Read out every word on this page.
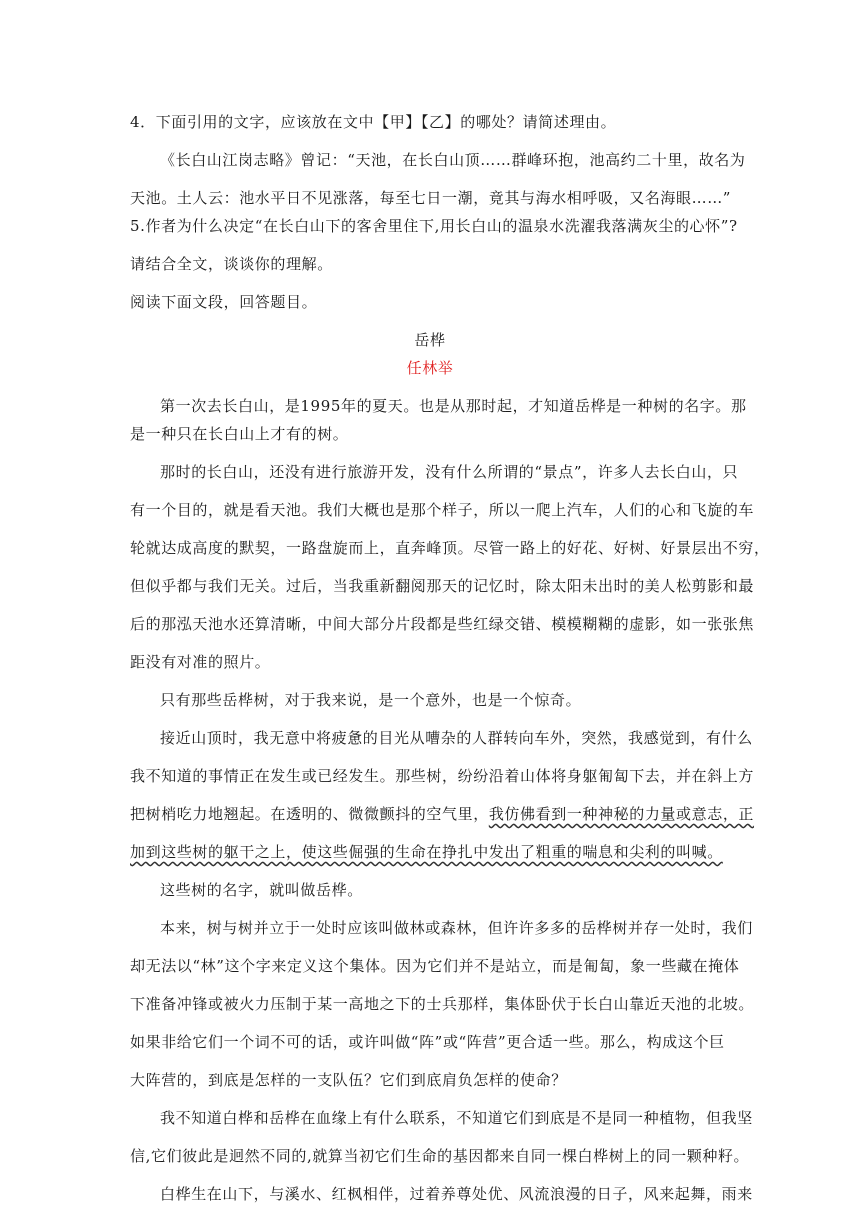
4．下面引用的文字，应该放在文中【甲】【乙】的哪处？请简述理由。

《长白山江岗志略》曾记：“天池，在长白山顶……群峰环抱，池高约二十里，故名为

天池。土人云：池水平日不见涨落，每至七日一潮，竟其与海水相呼吸，又名海眼……”

5.作者为什么决定“在长白山下的客舍里住下,用长白山的温泉水洗濯我落满灰尘的心怀”?

请结合全文，谈谈你的理解。

阅读下面文段，回答题目。

岳桦

任林举

第一次去长白山，是1995年的夏天。也是从那时起，才知道岳桦是一种树的名字。那

是一种只在长白山上才有的树。

那时的长白山，还没有进行旅游开发，没有什么所谓的“景点”，许多人去长白山，只

有一个目的，就是看天池。我们大概也是那个样子，所以一爬上汽车，人们的心和飞旋的车

轮就达成高度的默契，一路盘旋而上，直奔峰顶。尽管一路上的好花、好树、好景层出不穷，

但似乎都与我们无关。过后，当我重新翻阅那天的记忆时，除太阳未出时的美人松剪影和最

后的那泓天池水还算清晰，中间大部分片段都是些红绿交错、模模糊糊的虚影，如一张张焦

距没有对准的照片。

只有那些岳桦树，对于我来说，是一个意外，也是一个惊奇。

接近山顶时，我无意中将疲惫的目光从嘈杂的人群转向车外，突然，我感觉到，有什么

我不知道的事情正在发生或已经发生。那些树，纷纷沿着山体将身躯匍匐下去，并在斜上方

把树梢吃力地翘起。在透明的、微微颤抖的空气里，我仿佛看到一种神秘的力量或意志，正

加到这些树的躯干之上，使这些倔强的生命在挣扎中发出了粗重的喘息和尖利的叫喊。

这些树的名字，就叫做岳桦。

本来，树与树并立于一处时应该叫做林或森林，但许许多多的岳桦树并存一处时，我们

却无法以“林”这个字来定义这个集体。因为它们并不是站立，而是匍匐，象一些藏在掩体

下准备冲锋或被火力压制于某一高地之下的士兵那样，集体卧伏于长白山靠近天池的北坡。

如果非给它们一个词不可的话，或许叫做“阵”或“阵营”更合适一些。那么，构成这个巨

大阵营的，到底是怎样的一支队伍？它们到底肩负怎样的使命？

我不知道白桦和岳桦在血缘上有什么联系，不知道它们到底是不是同一种植物，但我坚

信,它们彼此是迥然不同的,就算当初它们生命的基因都来自同一棵白桦树上的同一颗种籽。

白桦生在山下，与溪水、红枫相伴，过着养尊处优、风流浪漫的日子，风来起舞，雨来
